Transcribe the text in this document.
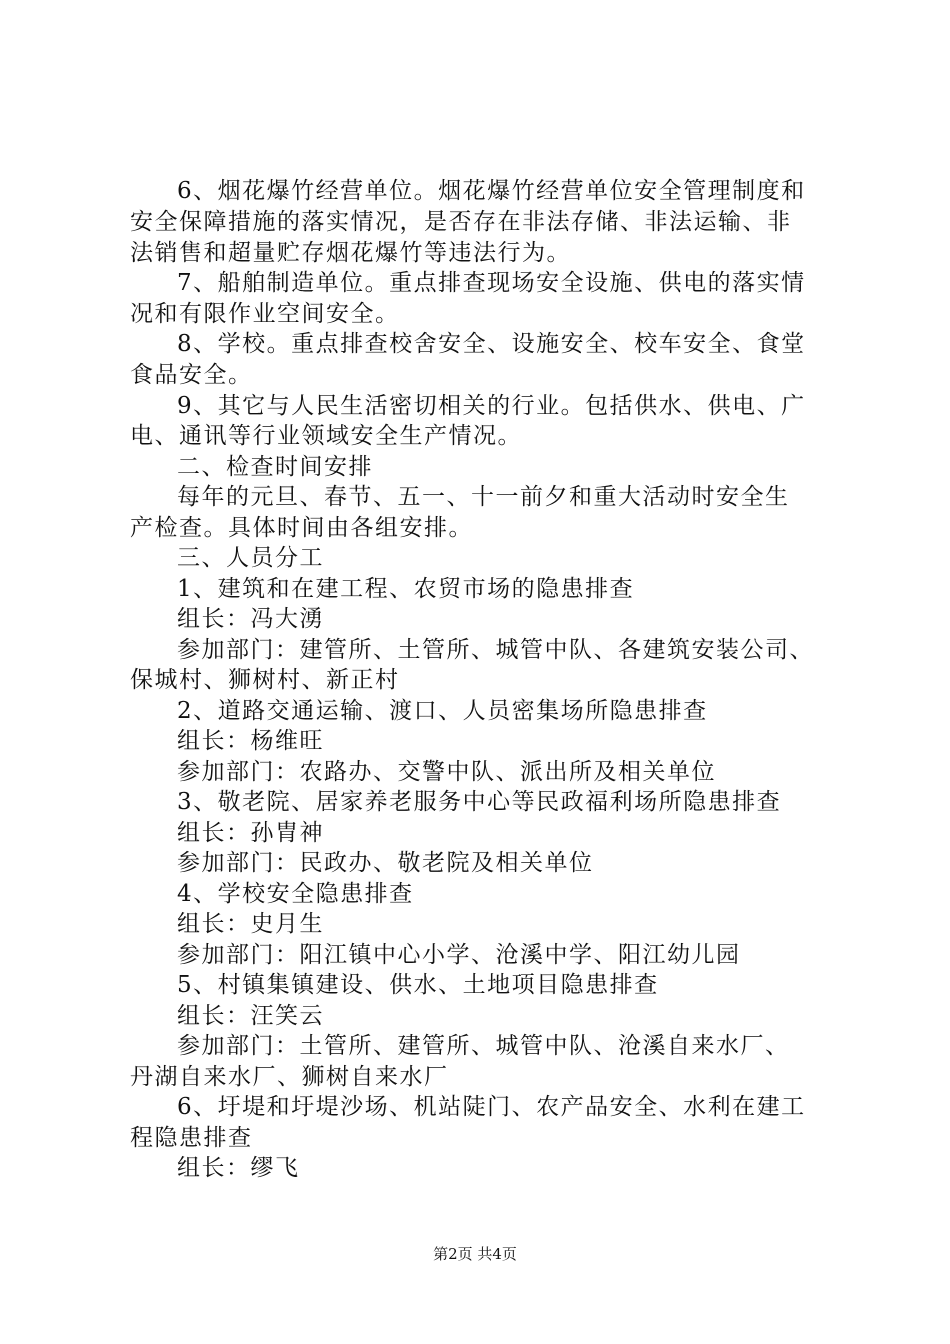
6、烟花爆竹经营单位。烟花爆竹经营单位安全管理制度和
安全保障措施的落实情况，是否存在非法存储、非法运输、非
法销售和超量贮存烟花爆竹等违法行为。
7、船舶制造单位。重点排查现场安全设施、供电的落实情
况和有限作业空间安全。
8、学校。重点排查校舍安全、设施安全、校车安全、食堂
食品安全。
9、其它与人民生活密切相关的行业。包括供水、供电、广
电、通讯等行业领域安全生产情况。
二、检查时间安排
每年的元旦、春节、五一、十一前夕和重大活动时安全生
产检查。具体时间由各组安排。
三、人员分工
1、建筑和在建工程、农贸市场的隐患排查
组长：冯大湧
参加部门：建管所、土管所、城管中队、各建筑安装公司、
保城村、狮树村、新正村
2、道路交通运输、渡口、人员密集场所隐患排查
组长：杨维旺
参加部门：农路办、交警中队、派出所及相关单位
3、敬老院、居家养老服务中心等民政福利场所隐患排查
组长：孙胄神
参加部门：民政办、敬老院及相关单位
4、学校安全隐患排查
组长：史月生
参加部门：阳江镇中心小学、沧溪中学、阳江幼儿园
5、村镇集镇建设、供水、土地项目隐患排查
组长：汪笑云
参加部门：土管所、建管所、城管中队、沧溪自来水厂、
丹湖自来水厂、狮树自来水厂
6、圩堤和圩堤沙场、机站陡门、农产品安全、水利在建工
程隐患排查
组长：缪飞
第2页 共4页
